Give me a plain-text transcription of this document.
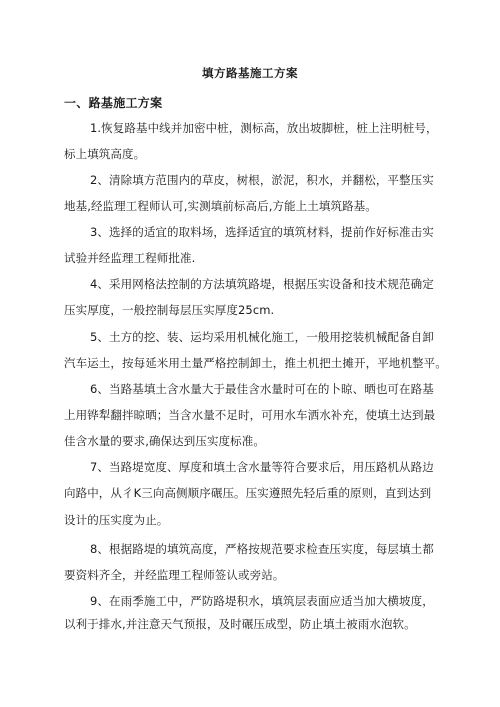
填方路基施工方案
一、路基施工方案
1.恢复路基中线并加密中桩，测标高，放出坡脚桩，桩上注明桩号，
标上填筑高度。
2、清除填方范围内的草皮，树根，淤泥，积水，并翻松，平整压实
地基,经监理工程师认可,实测填前标高后,方能上土填筑路基。
3、选择的适宜的取料场，选择适宜的填筑材料，提前作好标准击实
试验并经监理工程师批准.
4、采用网格法控制的方法填筑路堤，根据压实设备和技术规范确定
压实厚度，一般控制每层压实厚度25cm.
5、土方的挖、装、运均采用机械化施工，一般用挖装机械配备自卸
汽车运土，按每延米用土量严格控制卸土，推土机把土摊开，平地机整平。
6、当路基填土含水量大于最佳含水量时可在的卜晾、晒也可在路基
上用铧犁翻拌晾晒；当含水量不足时，可用水车洒水补充，使填土达到最
佳含水量的要求,确保达到压实度标准。
7、当路堤宽度、厚度和填土含水量等符合要求后，用压路机从路边
向路中，从彳K三向高侧顺序碾压。压实遵照先轻后重的原则，直到达到
设计的压实度为止。
8、根据路堤的填筑高度，严格按规范要求检查压实度，每层填土都
要资料齐全，并经监理工程师签认或旁站。
9、在雨季施工中，严防路堤积水，填筑层表面应适当加大横坡度，
以利于排水,并注意天气预报，及时碾压成型，防止填土被雨水泡软。
